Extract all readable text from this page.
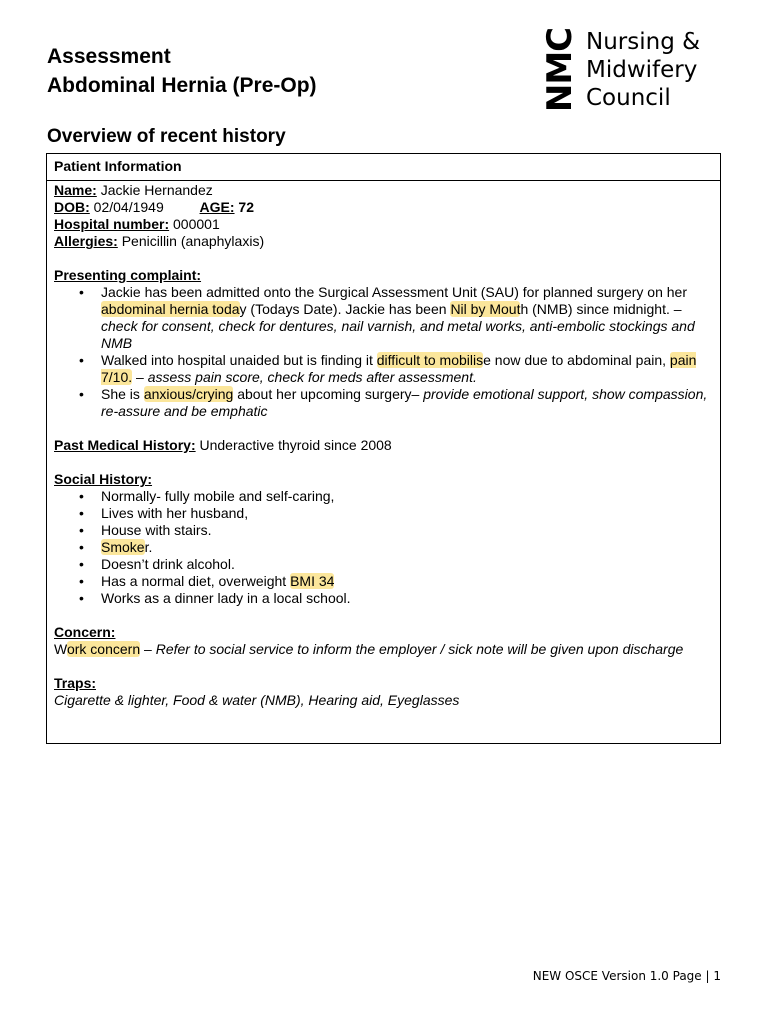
Assessment
Abdominal Hernia (Pre-Op)	NMC Nursing &
Midwifery
Council
Overview of recent history
Patient Information
Name: Jackie Hernandez
DOB: 02/04/1949	AGE: 72
Hospital number: 000001
Allergies: Penicillin (anaphylaxis)
Presenting complaint:
• Jackie has been admitted onto the Surgical Assessment Unit (SAU) for planned surgery on her abdominal hernia today (Todays Date). Jackie has been Nil by Mouth (NMB) since midnight. – check for consent, check for dentures, nail varnish, and metal works, anti-embolic stockings and NMB
• Walked into hospital unaided but is finding it difficult to mobilise now due to abdominal pain, pain 7/10. – assess pain score, check for meds after assessment.
• She is anxious/crying about her upcoming surgery– provide emotional support, show compassion, re-assure and be emphatic
Past Medical History: Underactive thyroid since 2008
Social History:
• Normally- fully mobile and self-caring,
• Lives with her husband,
• House with stairs.
• Smoker.
• Doesn’t drink alcohol.
• Has a normal diet, overweight BMI 34
• Works as a dinner lady in a local school.
Concern:
Work concern – Refer to social service to inform the employer / sick note will be given upon discharge
Traps:
Cigarette & lighter, Food & water (NMB), Hearing aid, Eyeglasses
NEW OSCE Version 1.0 Page | 1
